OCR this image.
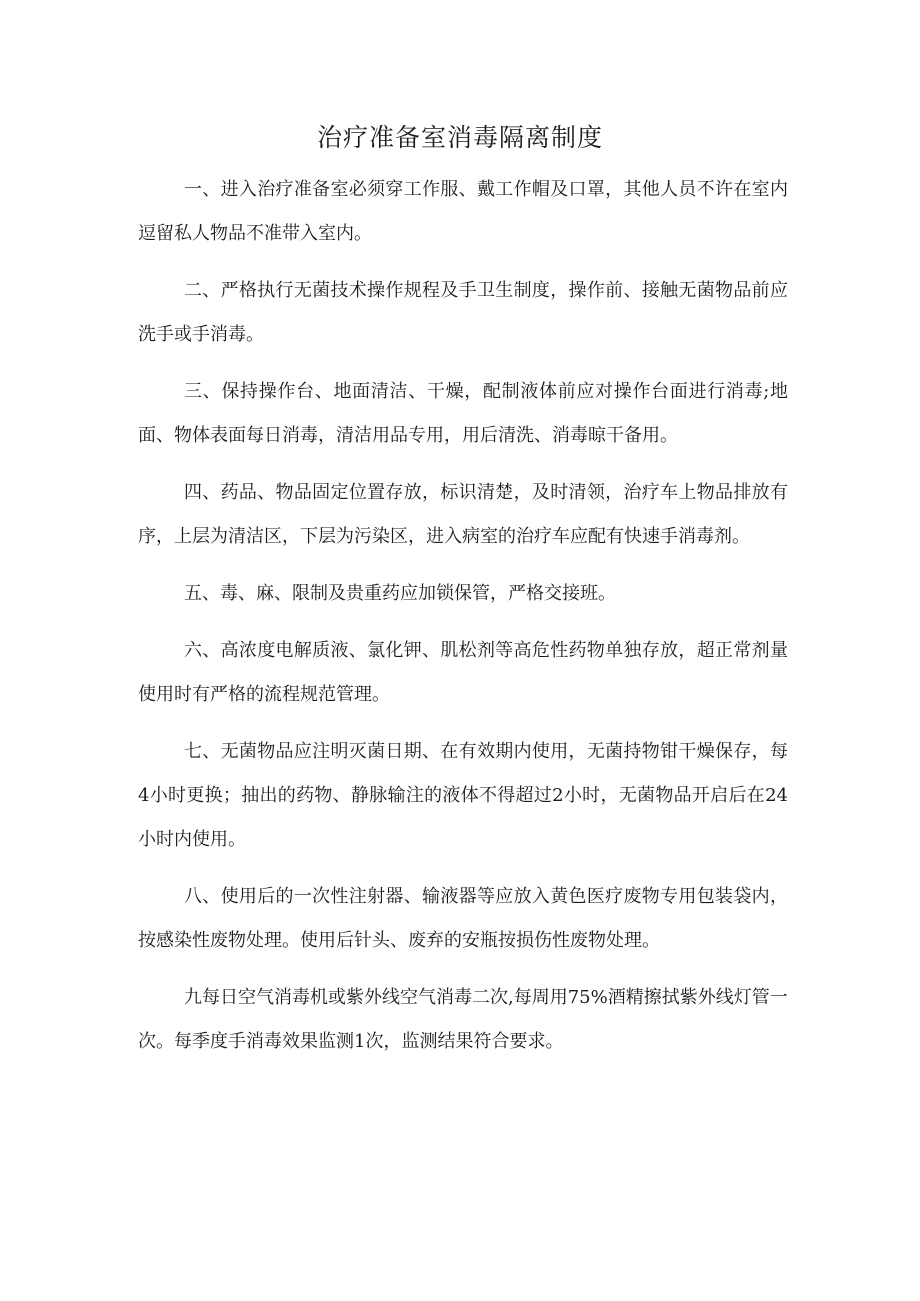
治疗准备室消毒隔离制度

一、进入治疗准备室必须穿工作服、戴工作帽及口罩，其他人员不许在室内逗留私人物品不准带入室内。

二、严格执行无菌技术操作规程及手卫生制度，操作前、接触无菌物品前应洗手或手消毒。

三、保持操作台、地面清洁、干燥，配制液体前应对操作台面进行消毒;地面、物体表面每日消毒，清洁用品专用，用后清洗、消毒晾干备用。

四、药品、物品固定位置存放，标识清楚，及时清领，治疗车上物品排放有序，上层为清洁区，下层为污染区，进入病室的治疗车应配有快速手消毒剂。

五、毒、麻、限制及贵重药应加锁保管，严格交接班。

六、高浓度电解质液、氯化钾、肌松剂等高危性药物单独存放，超正常剂量使用时有严格的流程规范管理。

七、无菌物品应注明灭菌日期、在有效期内使用，无菌持物钳干燥保存，每4小时更换；抽出的药物、静脉输注的液体不得超过2小时，无菌物品开启后在24小时内使用。

八、使用后的一次性注射器、输液器等应放入黄色医疗废物专用包装袋内，按感染性废物处理。使用后针头、废弃的安瓶按损伤性废物处理。

九每日空气消毒机或紫外线空气消毒二次,每周用75%酒精擦拭紫外线灯管一次。每季度手消毒效果监测1次，监测结果符合要求。
